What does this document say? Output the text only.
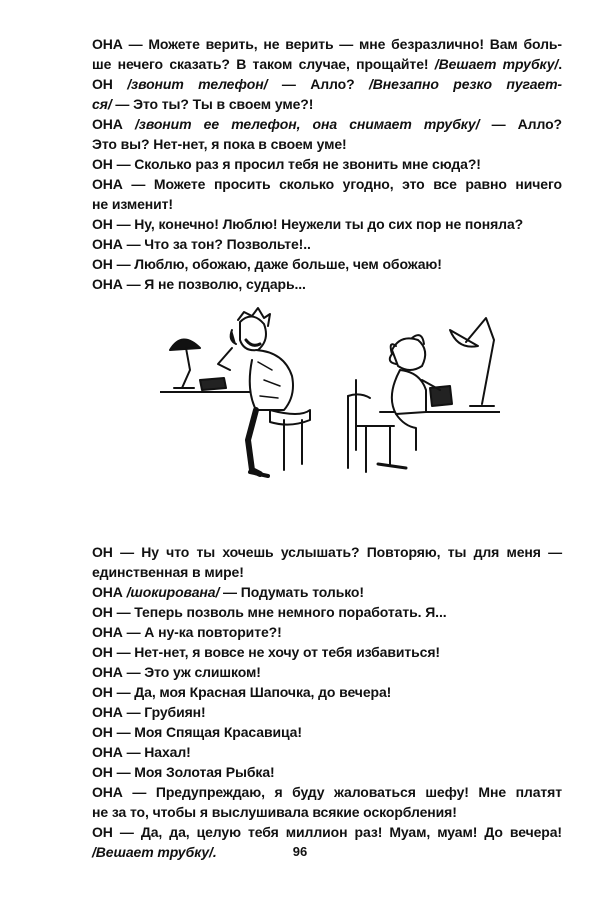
ОНА — Можете верить, не верить — мне безразлично! Вам боль-
ше нечего сказать? В таком случае, прощайте! /Вешает трубку/.
ОН /звонит телефон/ — Алло? /Внезапно резко пугает-
ся/ — Это ты? Ты в своем уме?!
ОНА /звонит ее телефон, она снимает трубку/ — Алло?
Это вы? Нет-нет, я пока в своем уме!
ОН — Сколько раз я просил тебя не звонить мне сюда?!
ОНА — Можете просить сколько угодно, это все равно ничего
не изменит!
ОН — Ну, конечно! Люблю! Неужели ты до сих пор не поняла?
ОНА — Что за тон? Позвольте!..
ОН — Люблю, обожаю, даже больше, чем обожаю!
ОНА — Я не позволю, сударь...
ОН — Ну что ты хочешь услышать? Повторяю, ты для меня —
единственная в мире!
ОНА /шокирована/ — Подумать только!
ОН — Теперь позволь мне немного поработать. Я...
ОНА — А ну-ка повторите?!
ОН — Нет-нет, я вовсе не хочу от тебя избавиться!
ОНА — Это уж слишком!
ОН — Да, моя Красная Шапочка, до вечера!
ОНА — Грубиян!
ОН — Моя Спящая Красавица!
ОНА — Нахал!
ОН — Моя Золотая Рыбка!
ОНА — Предупреждаю, я буду жаловаться шефу! Мне платят
не за то, чтобы я выслушивала всякие оскорбления!
ОН — Да, да, целую тебя миллион раз! Муам, муам! До вечера!
/Вешает трубку/.	96
